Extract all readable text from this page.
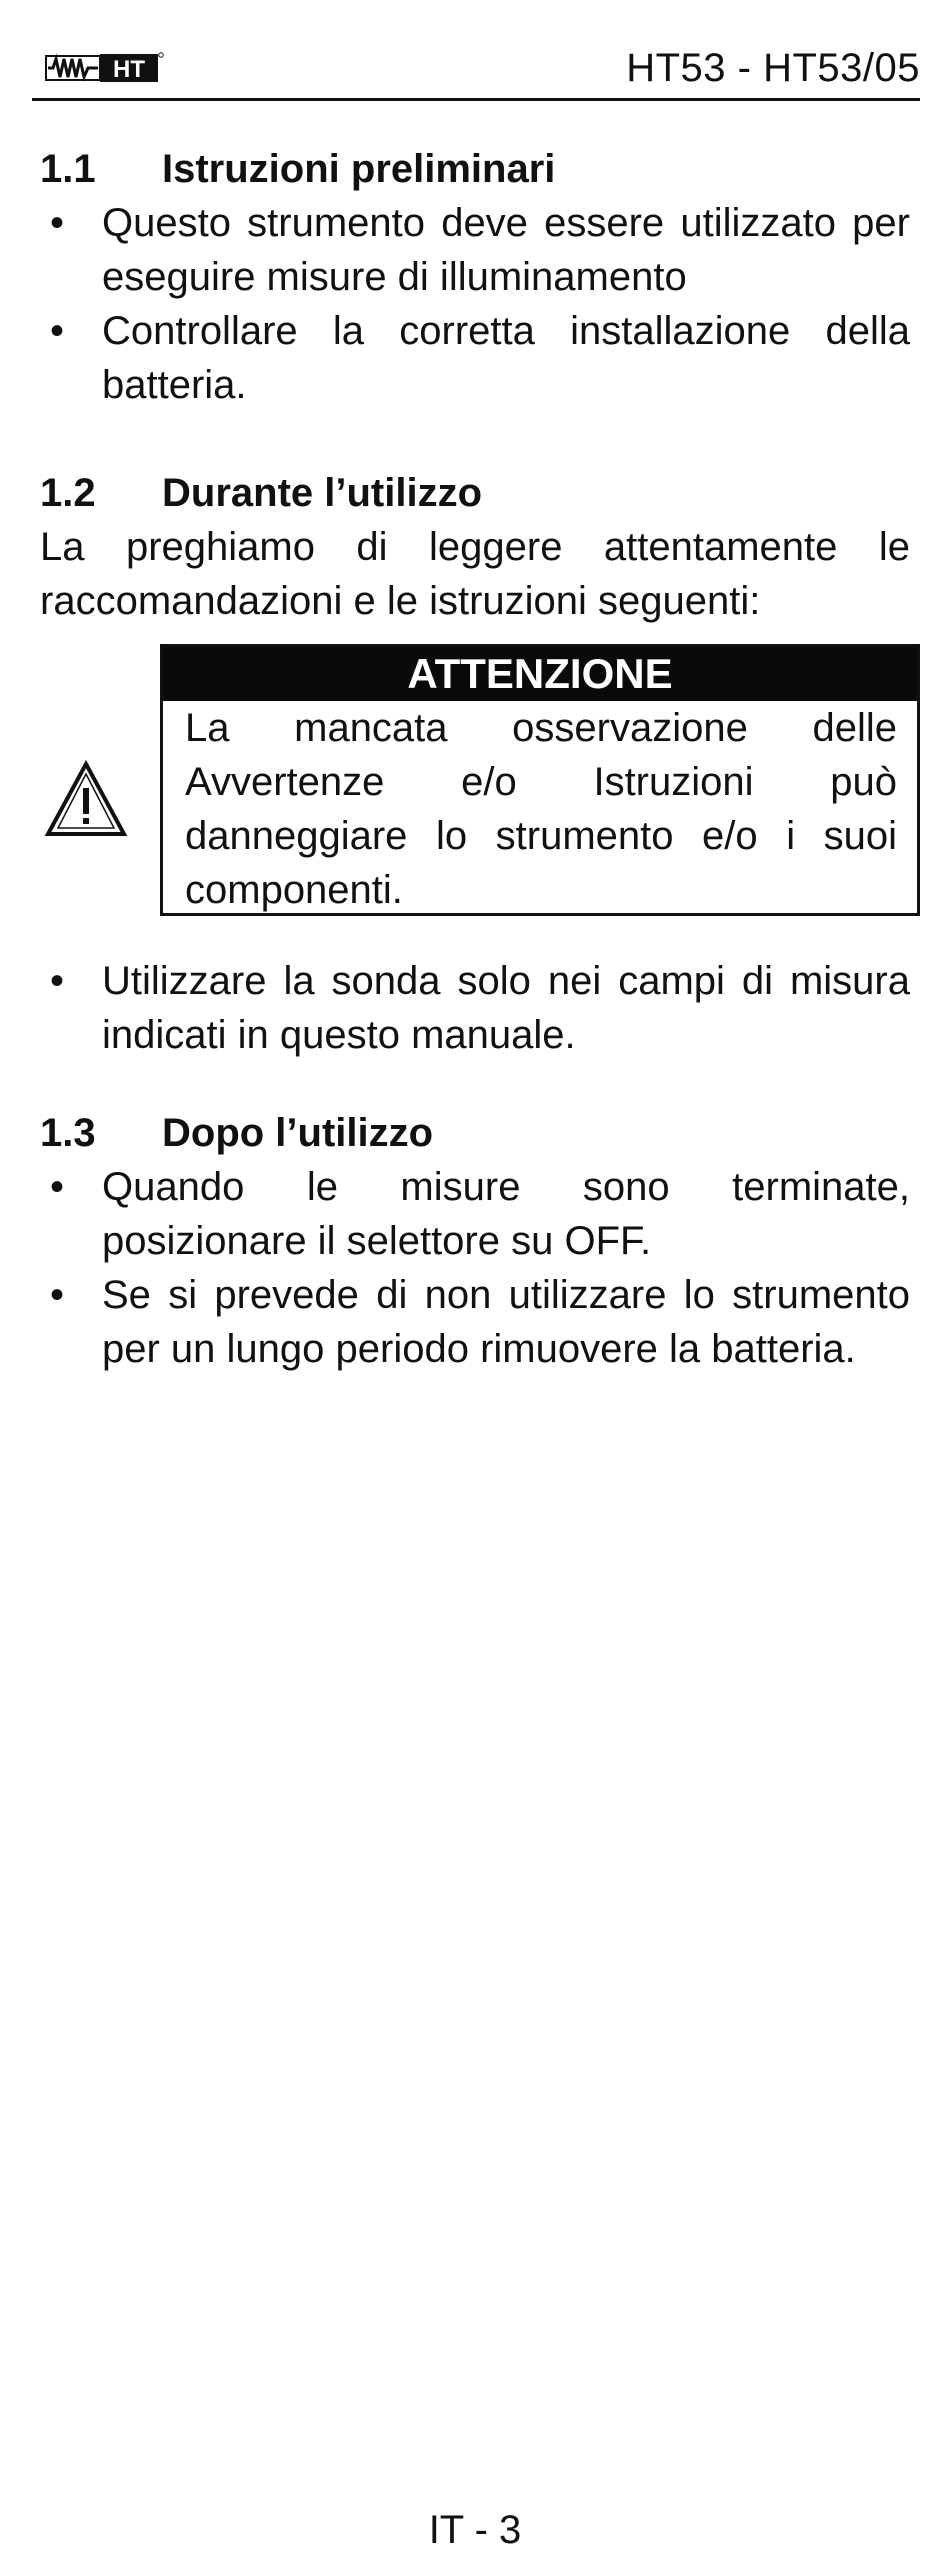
HT	HT53 - HT53/05
1.1	Istruzioni preliminari
• Questo strumento deve essere utilizzato per eseguire misure di illuminamento
• Controllare la corretta installazione della batteria.
1.2	Durante l’utilizzo

La preghiamo di leggere attentamente le raccomandazioni e le istruzioni seguenti:

ATTENZIONE
La mancata osservazione delle Avvertenze e/o Istruzioni può danneggiare lo strumento e/o i suoi componenti.
• Utilizzare la sonda solo nei campi di misura indicati in questo manuale.
1.3	Dopo l’utilizzo
• Quando le misure sono terminate, posizionare il selettore su OFF.
• Se si prevede di non utilizzare lo strumento per un lungo periodo rimuovere la batteria.
IT - 3
